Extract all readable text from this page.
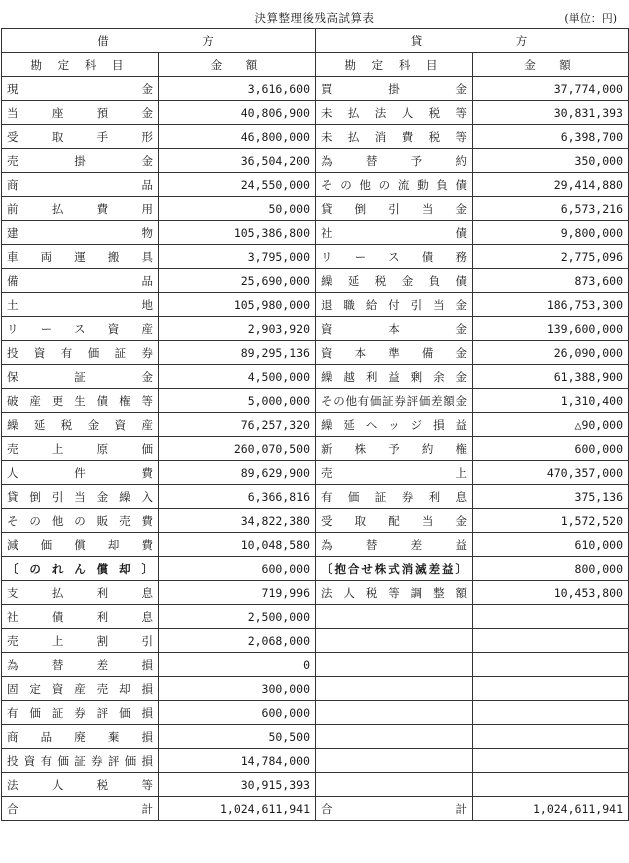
決算整理後残高試算表	(単位：円)
借　　　　　方		貸　　　　　方	
勘 定 科 目	金　額	勘 定 科 目	金　額

現金	3,616,600	買掛金	37,774,000

当座預金	40,806,900	未払法人税等	30,831,393

受取手形	46,800,000	未払消費税等	6,398,700

売掛金	36,504,200	為替予約	350,000

商品	24,550,000	その他の流動負債	29,414,880

前払費用	50,000	貸倒引当金	6,573,216

建物	105,386,800	社債	9,800,000

車両運搬具	3,795,000	リース債務	2,775,096

備品	25,690,000	繰延税金負債	873,600

土地	105,980,000	退職給付引当金	186,753,300

リース資産	2,903,920	資本金	139,600,000

投資有価証券	89,295,136	資本準備金	26,090,000

保証金	4,500,000	繰越利益剰余金	61,388,900

破産更生債権等	5,000,000	その他有価証券評価差額金	1,310,400

繰延税金資産	76,257,320	繰延ヘッジ損益	△90,000

売上原価	260,070,500	新株予約権	600,000

人件費	89,629,900	売上	470,357,000

貸倒引当金繰入	6,366,816	有価証券利息	375,136

その他の販売費	34,822,380	受取配当金	1,572,520

減価償却費	10,048,580	為替差益	610,000

〔のれん償却〕	600,000	〔抱合せ株式消滅差益〕	800,000

支払利息	719,996	法人税等調整額	10,453,800

社債利息	2,500,000	

売上割引	2,068,000	

為替差損	0	

固定資産売却損	300,000	

有価証券評価損	600,000	

商品廃棄損	50,500	

投資有価証券評価損	14,784,000	

法人税等	30,915,393	

合計	1,024,611,941	合計	1,024,611,941
